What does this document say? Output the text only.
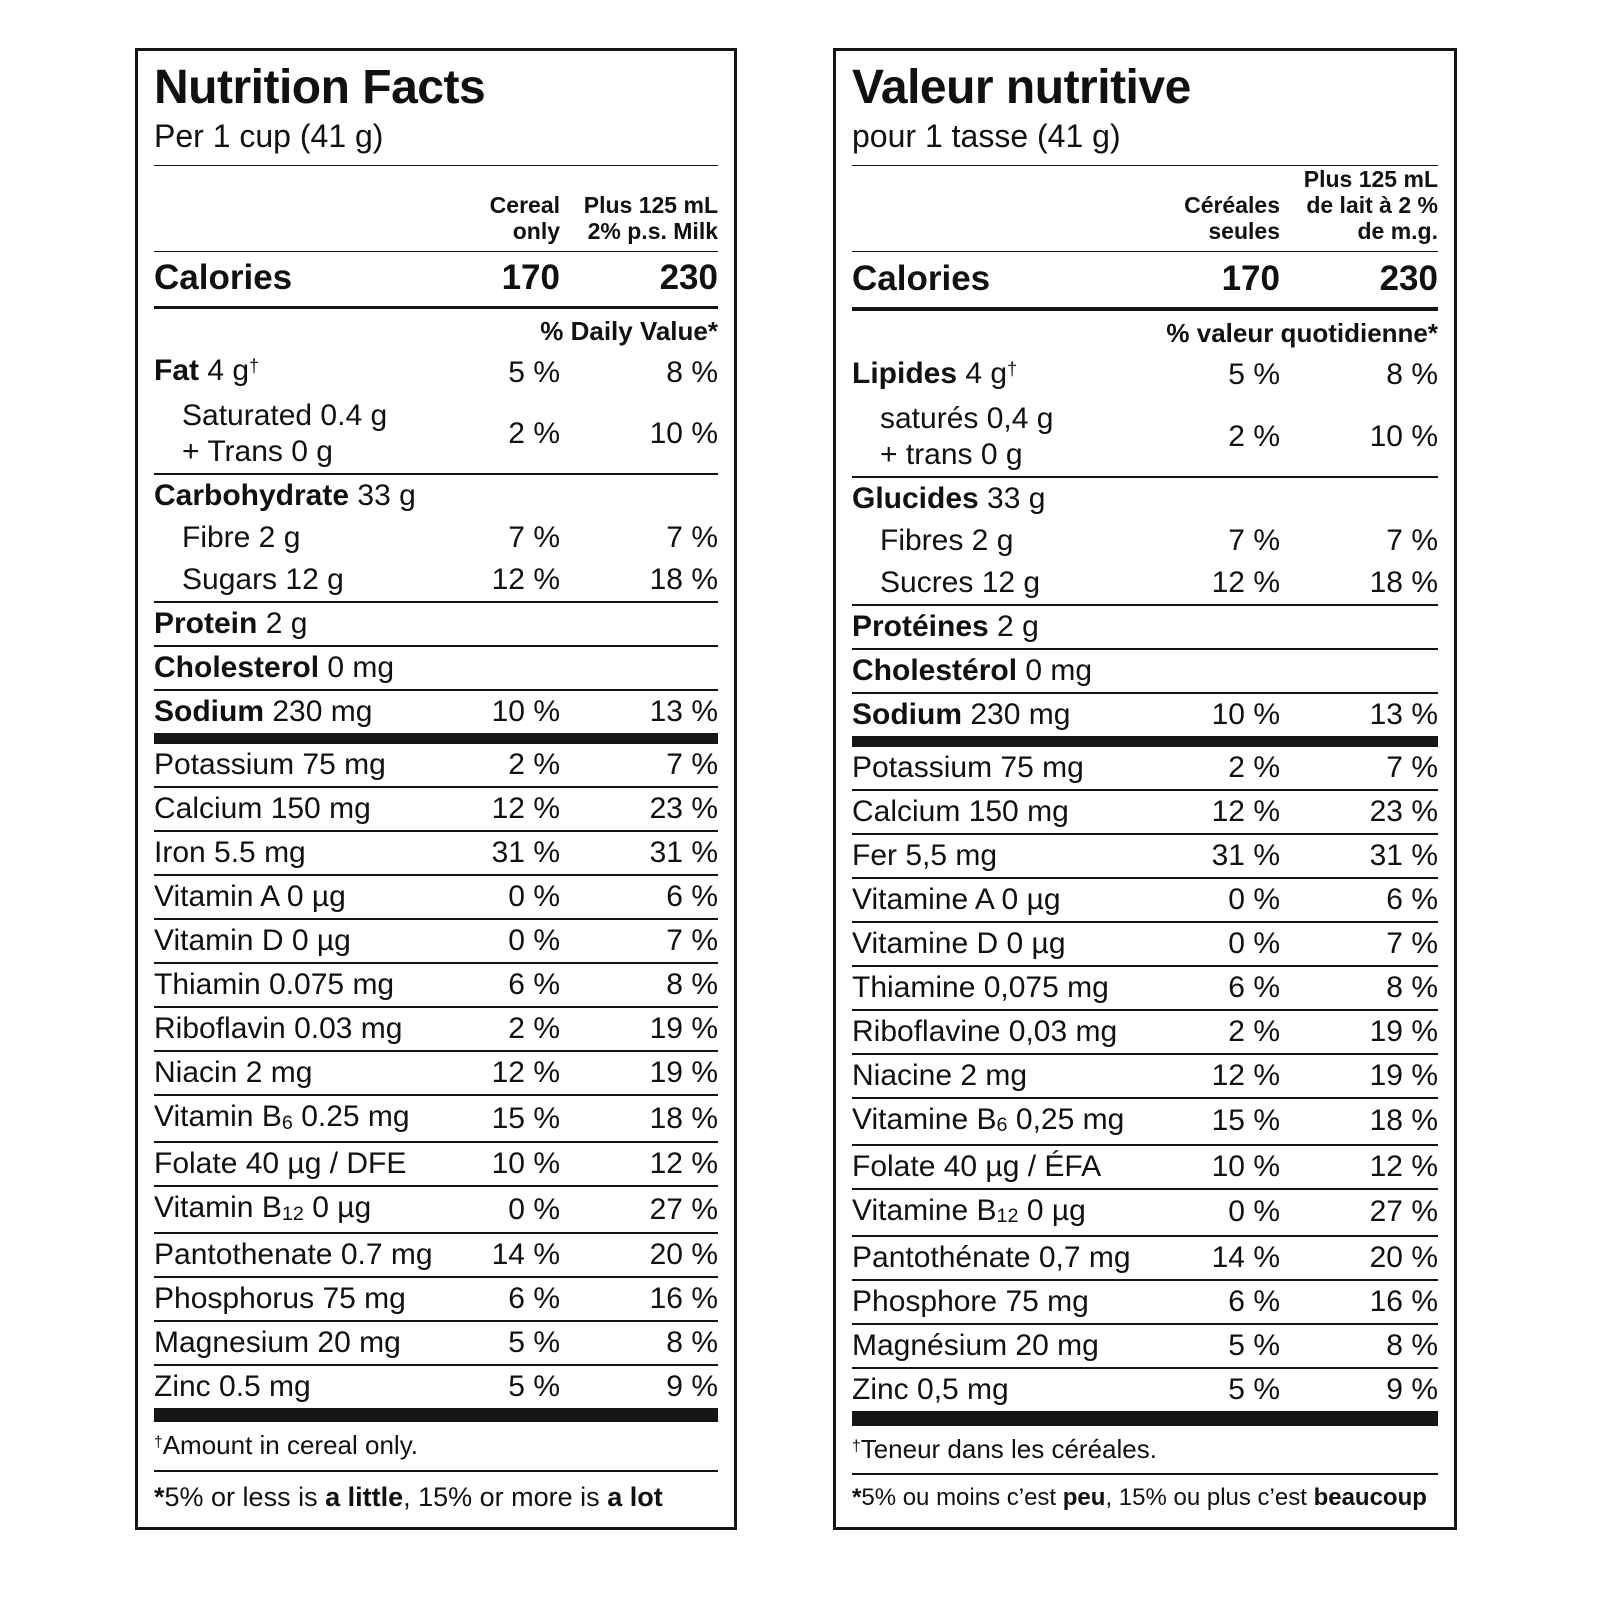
Nutrition Facts
Per 1 cup (41 g)
Cereal
only
Plus 125 mL
2% p.s. Milk
Calories	170	230
% Daily Value*
Fat 4 g†	5 %	8 %
Saturated 0.4 g
+ Trans 0 g
2 %	10 %
Carbohydrate 33 g
Fibre 2 g	7 %	7 %
Sugars 12 g	12 %	18 %
Protein 2 g
Cholesterol 0 mg
Sodium 230 mg	10 %	13 %
Potassium 75 mg	2 %	7 %
Calcium 150 mg	12 %	23 %
Iron 5.5 mg	31 %	31 %
Vitamin A 0 µg	0 %	6 %
Vitamin D 0 µg	0 %	7 %
Thiamin 0.075 mg	6 %	8 %
Riboflavin 0.03 mg	2 %	19 %
Niacin 2 mg	12 %	19 %
Vitamin B6 0.25 mg	15 %	18 %
Folate 40 µg / DFE	10 %	12 %
Vitamin B12 0 µg	0 %	27 %
Pantothenate 0.7 mg	14 %	20 %
Phosphorus 75 mg	6 %	16 %
Magnesium 20 mg	5 %	8 %
Zinc 0.5 mg	5 %	9 %
†Amount in cereal only.
*5% or less is a little, 15% or more is a lot
Valeur nutritive
pour 1 tasse (41 g)
Céréales
seules
Plus 125 mL
de lait à 2 %
de m.g.
Calories	170	230
% valeur quotidienne*
Lipides 4 g†	5 %	8 %
saturés 0,4 g
+ trans 0 g
2 %	10 %
Glucides 33 g
Fibres 2 g	7 %	7 %
Sucres 12 g	12 %	18 %
Protéines 2 g
Cholestérol 0 mg
Sodium 230 mg	10 %	13 %
Potassium 75 mg	2 %	7 %
Calcium 150 mg	12 %	23 %
Fer 5,5 mg	31 %	31 %
Vitamine A 0 µg	0 %	6 %
Vitamine D 0 µg	0 %	7 %
Thiamine 0,075 mg	6 %	8 %
Riboflavine 0,03 mg	2 %	19 %
Niacine 2 mg	12 %	19 %
Vitamine B6 0,25 mg	15 %	18 %
Folate 40 µg / ÉFA	10 %	12 %
Vitamine B12 0 µg	0 %	27 %
Pantothénate 0,7 mg	14 %	20 %
Phosphore 75 mg	6 %	16 %
Magnésium 20 mg	5 %	8 %
Zinc 0,5 mg	5 %	9 %
†Teneur dans les céréales.
*5% ou moins c’est peu, 15% ou plus c’est beaucoup
